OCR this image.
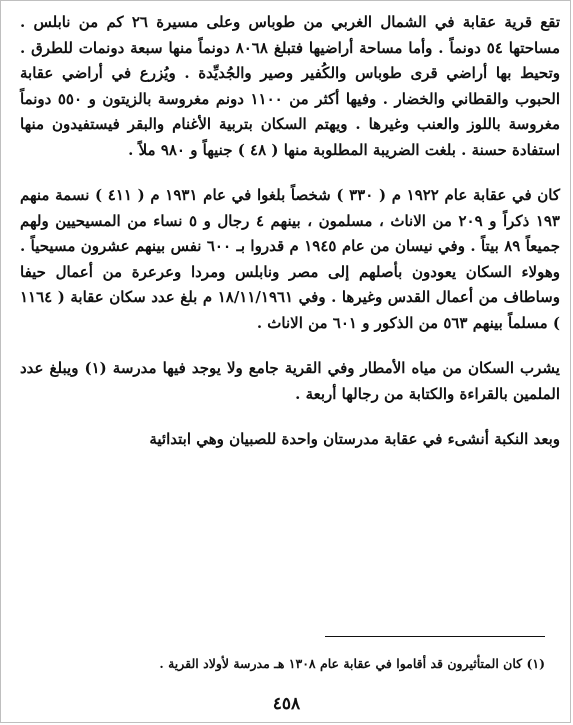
تقع قرية عقابة في الشمال الغربي من طوباس وعلى مسيرة ٢٦ كم من نابلس . مساحتها ٥٤ دونماً . وأما مساحة أراضيها فتبلغ ٨٠٦٨ دونماً منها سبعة دونمات للطرق . وتحيط بها أراضي قرى طوباس والكُفير وصير والجُديِّدة . ويُزرع في أراضي عقابة الحبوب والقطاني والخضار . وفيها أكثر من ١١٠٠ دونم مغروسة بالزيتون و ٥٥٠ دونماً مغروسة باللوز والعنب وغيرها . ويهتم السكان بتربية الأغنام والبقر فيستفيدون منها استفادة حسنة . بلغت الضريبة المطلوبة منها ( ٤٨ ) جنيهاً و ٩٨٠ ملاً .

كان في عقابة عام ١٩٢٢ م ( ٣٣٠ ) شخصاً بلغوا في عام ١٩٣١ م ( ٤١١ ) نسمة منهم ١٩٣ ذكراً و ٢٠٩ من الاناث ، مسلمون ، بينهم ٤ رجال و ٥ نساء من المسيحيين ولهم جميعاً ٨٩ بيتاً . وفي نيسان من عام ١٩٤٥ م قدروا بـ ٦٠٠ نفس بينهم عشرون مسيحياً . وهولاء السكان يعودون بأصلهم إلى مصر ونابلس ومردا وعرعرة من أعمال حيفا وساطاف من أعمال القدس وغيرها . وفي ١٨/١١/١٩٦١ م بلغ عدد سكان عقابة ( ١١٦٤ ) مسلماً بينهم ٥٦٣ من الذكور و ٦٠١ من الاناث .

يشرب السكان من مياه الأمطار وفي القرية جامع ولا يوجد فيها مدرسة (١) ويبلغ عدد الملمين بالقراءة والكتابة من رجالها أربعة .

وبعد النكبة أنشىء في عقابة مدرستان واحدة للصبيان وهي ابتدائية

(١) كان المتأثيرون قد أقاموا في عقابة عام ١٣٠٨ هـ مدرسة لأولاد القرية .
٤٥٨
